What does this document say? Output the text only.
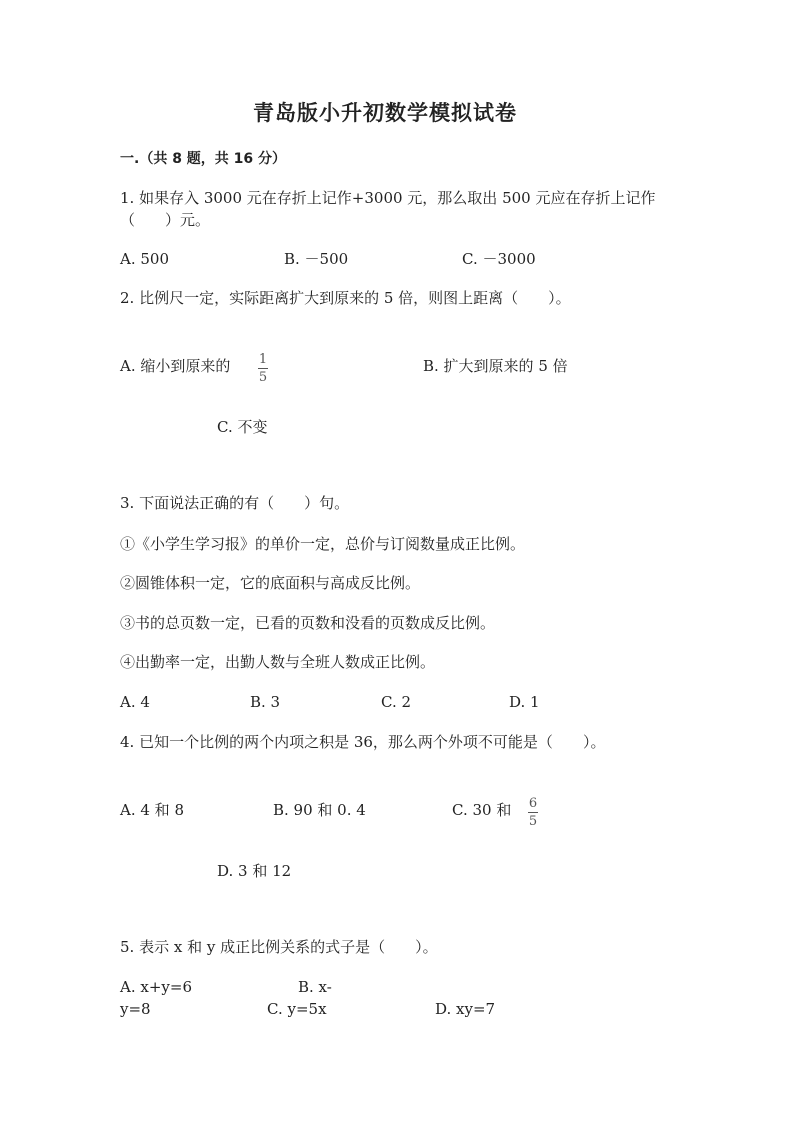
青岛版小升初数学模拟试卷
一.（共 8 题，共 16 分）
1. 如果存入 3000 元在存折上记作+3000 元，那么取出 500 元应在存折上记作
（　　）元。
A. 500	B. －500	C. －3000
2. 比例尺一定，实际距离扩大到原来的 5 倍，则图上距离（　　）。
A. 缩小到原来的 1
5
B. 扩大到原来的 5 倍
C. 不变
3. 下面说法正确的有（　　）句。
①《小学生学习报》的单价一定，总价与订阅数量成正比例。
②圆锥体积一定，它的底面积与高成反比例。
③书的总页数一定，已看的页数和没看的页数成反比例。
④出勤率一定，出勤人数与全班人数成正比例。
A. 4	B. 3	C. 2	D. 1
4. 已知一个比例的两个内项之积是 36，那么两个外项不可能是（　　）。
A. 4 和 8	B. 90 和 0. 4	C. 30 和 6
5
D. 3 和 12
5. 表示 x 和 y 成正比例关系的式子是（　　）。
A. x+y=6	B. x-
y=8	C. y=5x	D. xy=7
